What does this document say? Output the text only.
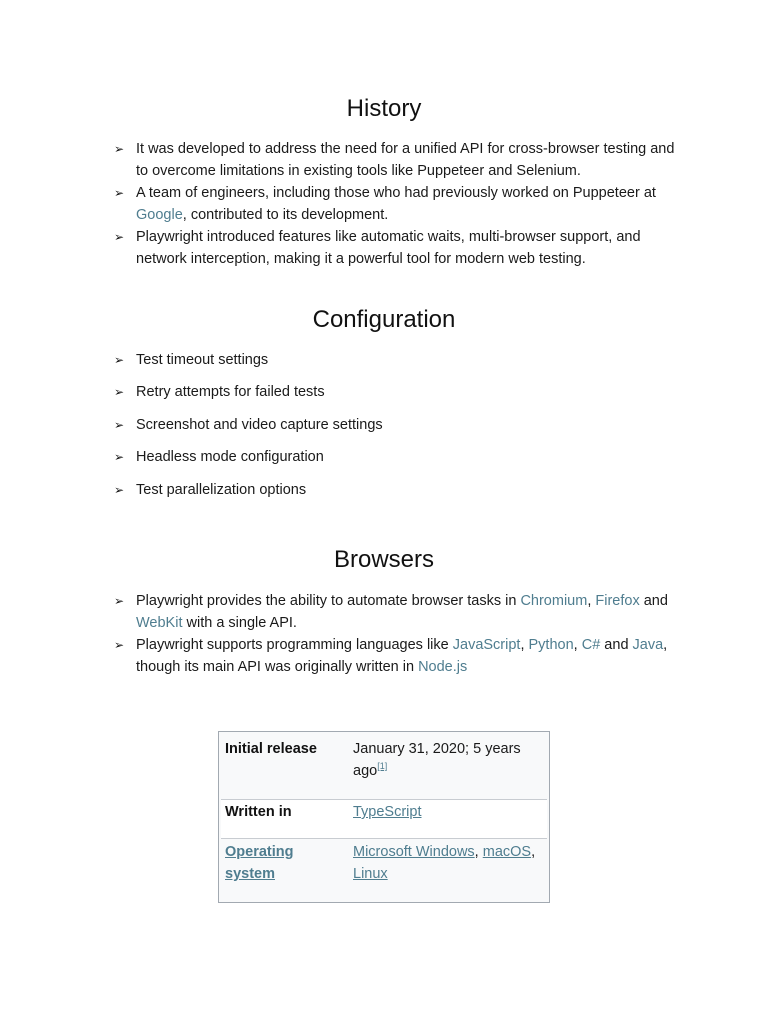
History
➢ It was developed to address the need for a unified API for cross-browser testing and to overcome limitations in existing tools like Puppeteer and Selenium.
➢ A team of engineers, including those who had previously worked on Puppeteer at Google, contributed to its development.
➢ Playwright introduced features like automatic waits, multi-browser support, and network interception, making it a powerful tool for modern web testing.
Configuration
➢ Test timeout settings
➢ Retry attempts for failed tests
➢ Screenshot and video capture settings
➢ Headless mode configuration
➢ Test parallelization options
Browsers
➢ Playwright provides the ability to automate browser tasks in Chromium, Firefox and WebKit with a single API.
➢ Playwright supports programming languages like JavaScript, Python, C# and Java, though its main API was originally written in Node.js
Initial release	January 31, 2020; 5 years ago[1]
Written in	TypeScript
Operating system
Microsoft Windows, macOS, Linux
